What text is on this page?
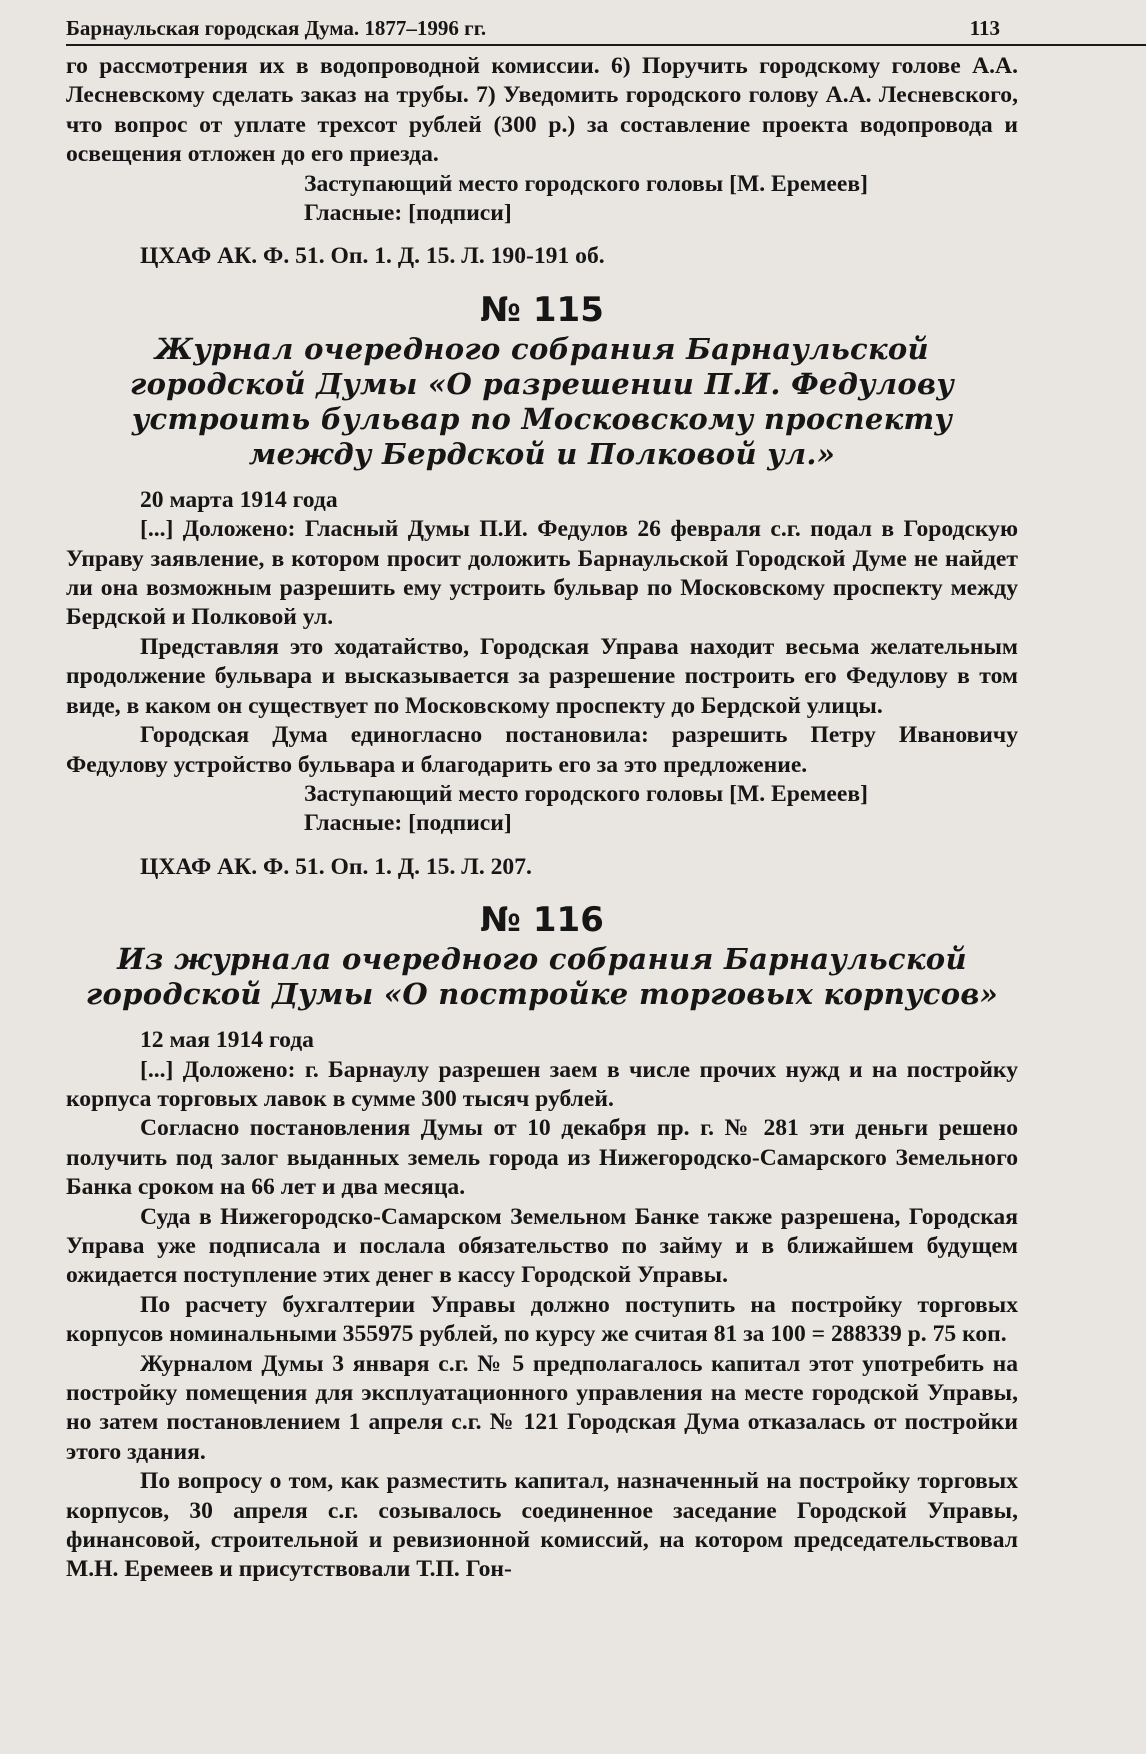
Барнаульская городская Дума. 1877–1996 гг.	113

го рассмотрения их в водопроводной комиссии. 6) Поручить городскому голове А.А. Лесневскому сделать заказ на трубы. 7) Уведомить городского голову А.А. Лесневского, что вопрос от уплате трехсот рублей (300 р.) за составление проекта водопровода и освещения отложен до его приезда.

Заступающий место городского головы [М. Еремеев]
Гласные: [подписи]
ЦХАФ АК. Ф. 51. Оп. 1. Д. 15. Л. 190-191 об.
№ 115
Журнал очередного собрания Барнаульской
городской Думы «О разрешении П.И. Федулову
устроить бульвар по Московскому проспекту
между Бердской и Полковой ул.»
20 марта 1914 года

[...] Доложено: Гласный Думы П.И. Федулов 26 февраля с.г. подал в Городскую Управу заявление, в котором просит доложить Барнаульской Городской Думе не найдет ли она возможным разрешить ему устроить бульвар по Московскому проспекту между Бердской и Полковой ул.

Представляя это ходатайство, Городская Управа находит весьма желательным продолжение бульвара и высказывается за разрешение построить его Федулову в том виде, в каком он существует по Московскому проспекту до Бердской улицы.

Городская Дума единогласно постановила: разрешить Петру Ивановичу Федулову устройство бульвара и благодарить его за это предложение.

Заступающий место городского головы [М. Еремеев]
Гласные: [подписи]
ЦХАФ АК. Ф. 51. Оп. 1. Д. 15. Л. 207.
№ 116
Из журнала очередного собрания Барнаульской
городской Думы «О постройке торговых корпусов»
12 мая 1914 года

[...] Доложено: г. Барнаулу разрешен заем в числе прочих нужд и на постройку корпуса торговых лавок в сумме 300 тысяч рублей.

Согласно постановления Думы от 10 декабря пр. г. № 281 эти деньги решено получить под залог выданных земель города из Нижегородско-Самарского Земельного Банка сроком на 66 лет и два месяца.

Суда в Нижегородско-Самарском Земельном Банке также разрешена, Городская Управа уже подписала и послала обязательство по займу и в ближайшем будущем ожидается поступление этих денег в кассу Городской Управы.

По расчету бухгалтерии Управы должно поступить на постройку торговых корпусов номинальными 355975 рублей, по курсу же считая 81 за 100 = 288339 р. 75 коп.

Журналом Думы 3 января с.г. № 5 предполагалось капитал этот употребить на постройку помещения для эксплуатационного управления на месте городской Управы, но затем постановлением 1 апреля с.г. № 121 Городская Дума отказалась от постройки этого здания.

По вопросу о том, как разместить капитал, назначенный на постройку торговых корпусов, 30 апреля с.г. созывалось соединенное заседание Городской Управы, финансовой, строительной и ревизионной комиссий, на котором председательствовал М.Н. Еремеев и присутствовали Т.П. Гон-
